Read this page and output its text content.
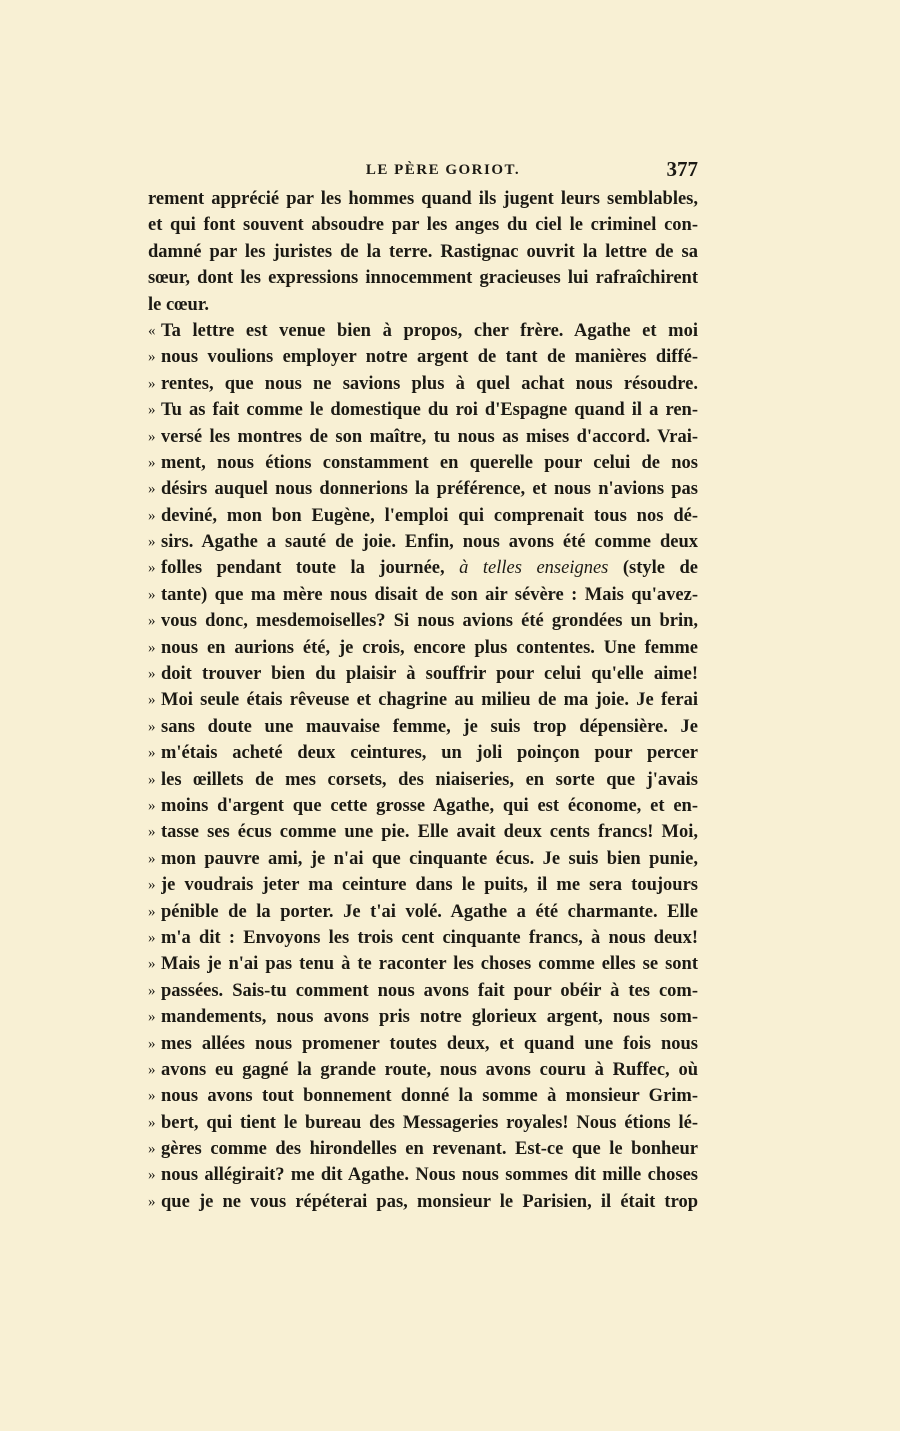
LE PÈRE GORIOT.	377
rement apprécié par les hommes quand ils jugent leurs semblables,
et qui font souvent absoudre par les anges du ciel le criminel con-
damné par les juristes de la terre. Rastignac ouvrit la lettre de sa
sœur, dont les expressions innocemment gracieuses lui rafraîchirent
le cœur.
« Ta lettre est venue bien à propos, cher frère. Agathe et moi
» nous voulions employer notre argent de tant de manières diffé-
» rentes, que nous ne savions plus à quel achat nous résoudre.
» Tu as fait comme le domestique du roi d'Espagne quand il a ren-
» versé les montres de son maître, tu nous as mises d'accord. Vrai-
» ment, nous étions constamment en querelle pour celui de nos
» désirs auquel nous donnerions la préférence, et nous n'avions pas
» deviné, mon bon Eugène, l'emploi qui comprenait tous nos dé-
» sirs. Agathe a sauté de joie. Enfin, nous avons été comme deux
» folles pendant toute la journée, à telles enseignes (style de
» tante) que ma mère nous disait de son air sévère : Mais qu'avez-
» vous donc, mesdemoiselles? Si nous avions été grondées un brin,
» nous en aurions été, je crois, encore plus contentes. Une femme
» doit trouver bien du plaisir à souffrir pour celui qu'elle aime!
» Moi seule étais rêveuse et chagrine au milieu de ma joie. Je ferai
» sans doute une mauvaise femme, je suis trop dépensière. Je
» m'étais acheté deux ceintures, un joli poinçon pour percer
» les œillets de mes corsets, des niaiseries, en sorte que j'avais
» moins d'argent que cette grosse Agathe, qui est économe, et en-
» tasse ses écus comme une pie. Elle avait deux cents francs! Moi,
» mon pauvre ami, je n'ai que cinquante écus. Je suis bien punie,
» je voudrais jeter ma ceinture dans le puits, il me sera toujours
» pénible de la porter. Je t'ai volé. Agathe a été charmante. Elle
» m'a dit : Envoyons les trois cent cinquante francs, à nous deux!
» Mais je n'ai pas tenu à te raconter les choses comme elles se sont
» passées. Sais-tu comment nous avons fait pour obéir à tes com-
» mandements, nous avons pris notre glorieux argent, nous som-
» mes allées nous promener toutes deux, et quand une fois nous
» avons eu gagné la grande route, nous avons couru à Ruffec, où
» nous avons tout bonnement donné la somme à monsieur Grim-
» bert, qui tient le bureau des Messageries royales! Nous étions lé-
» gères comme des hirondelles en revenant. Est-ce que le bonheur
» nous allégirait? me dit Agathe. Nous nous sommes dit mille choses
» que je ne vous répéterai pas, monsieur le Parisien, il était trop
